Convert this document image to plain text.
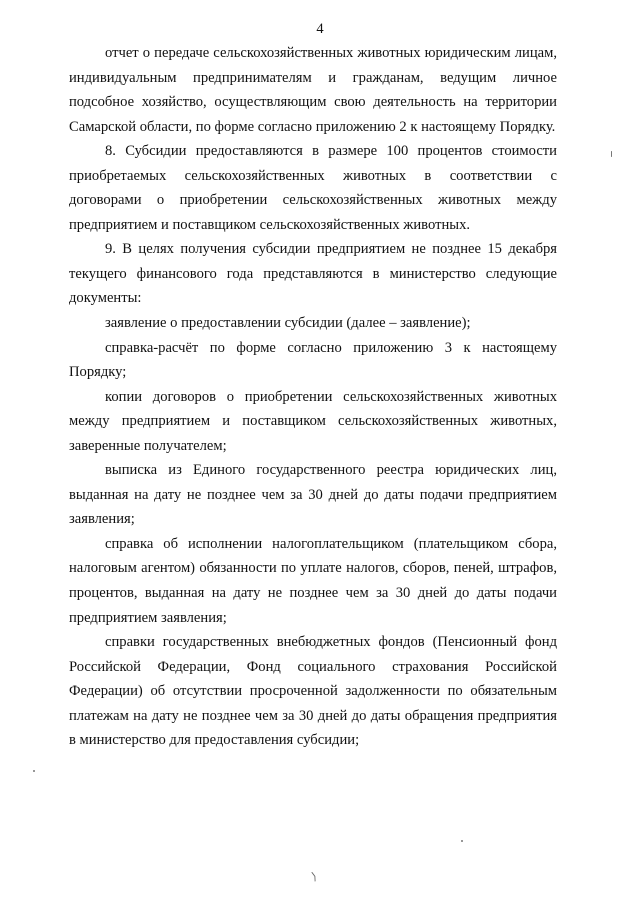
4

отчет о передаче сельскохозяйственных животных юридическим лицам, индивидуальным предпринимателям и гражданам, ведущим личное подсобное хозяйство, осуществляющим свою деятельность на территории Самарской области, по форме согласно приложению 2 к настоящему Порядку.

8. Субсидии предоставляются в размере 100 процентов стоимости приобретаемых сельскохозяйственных животных в соответствии с договорами о приобретении сельскохозяйственных животных между предприятием и поставщиком сельскохозяйственных животных.

9. В целях получения субсидии предприятием не позднее 15 декабря текущего финансового года представляются в министерство следующие документы:

заявление о предоставлении субсидии (далее – заявление);

справка-расчёт по форме согласно приложению 3 к настоящему Порядку;

копии договоров о приобретении сельскохозяйственных животных между предприятием и поставщиком сельскохозяйственных животных, заверенные получателем;

выписка из Единого государственного реестра юридических лиц, выданная на дату не позднее чем за 30 дней до даты подачи предприятием заявления;

справка об исполнении налогоплательщиком (плательщиком сбора, налоговым агентом) обязанности по уплате налогов, сборов, пеней, штрафов, процентов, выданная на дату не позднее чем за 30 дней до даты подачи предприятием заявления;

справки государственных внебюджетных фондов (Пенсионный фонд Российской Федерации, Фонд социального страхования Российской Федерации) об отсутствии просроченной задолженности по обязательным платежам на дату не позднее чем за 30 дней до даты обращения предприятия в министерство для предоставления субсидии;

⟩
